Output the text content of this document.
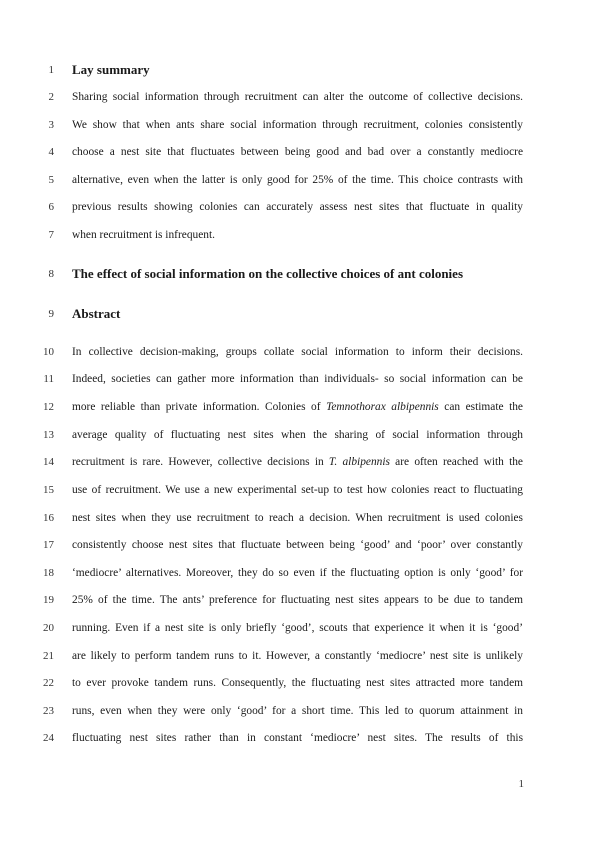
1 Lay summary
2 Sharing social information through recruitment can alter the outcome of collective decisions.
3 We show that when ants share social information through recruitment, colonies consistently
4 choose a nest site that fluctuates between being good and bad over a constantly mediocre
5 alternative, even when the latter is only good for 25% of the time. This choice contrasts with
6 previous results showing colonies can accurately assess nest sites that fluctuate in quality
7 when recruitment is infrequent.
8 The effect of social information on the collective choices of ant colonies
9 Abstract
10 In collective decision-making, groups collate social information to inform their decisions.
11 Indeed, societies can gather more information than individuals- so social information can be
12 more reliable than private information. Colonies of Temnothorax albipennis can estimate the
13 average quality of fluctuating nest sites when the sharing of social information through
14 recruitment is rare. However, collective decisions in T. albipennis are often reached with the
15 use of recruitment. We use a new experimental set-up to test how colonies react to fluctuating
16 nest sites when they use recruitment to reach a decision. When recruitment is used colonies
17 consistently choose nest sites that fluctuate between being ‘good’ and ‘poor’ over constantly
18 ‘mediocre’ alternatives. Moreover, they do so even if the fluctuating option is only ‘good’ for
19 25% of the time. The ants’ preference for fluctuating nest sites appears to be due to tandem
20 running. Even if a nest site is only briefly ‘good’, scouts that experience it when it is ‘good’
21 are likely to perform tandem runs to it. However, a constantly ‘mediocre’ nest site is unlikely
22 to ever provoke tandem runs. Consequently, the fluctuating nest sites attracted more tandem
23 runs, even when they were only ‘good’ for a short time. This led to quorum attainment in
24 fluctuating nest sites rather than in constant ‘mediocre’ nest sites. The results of this
1
